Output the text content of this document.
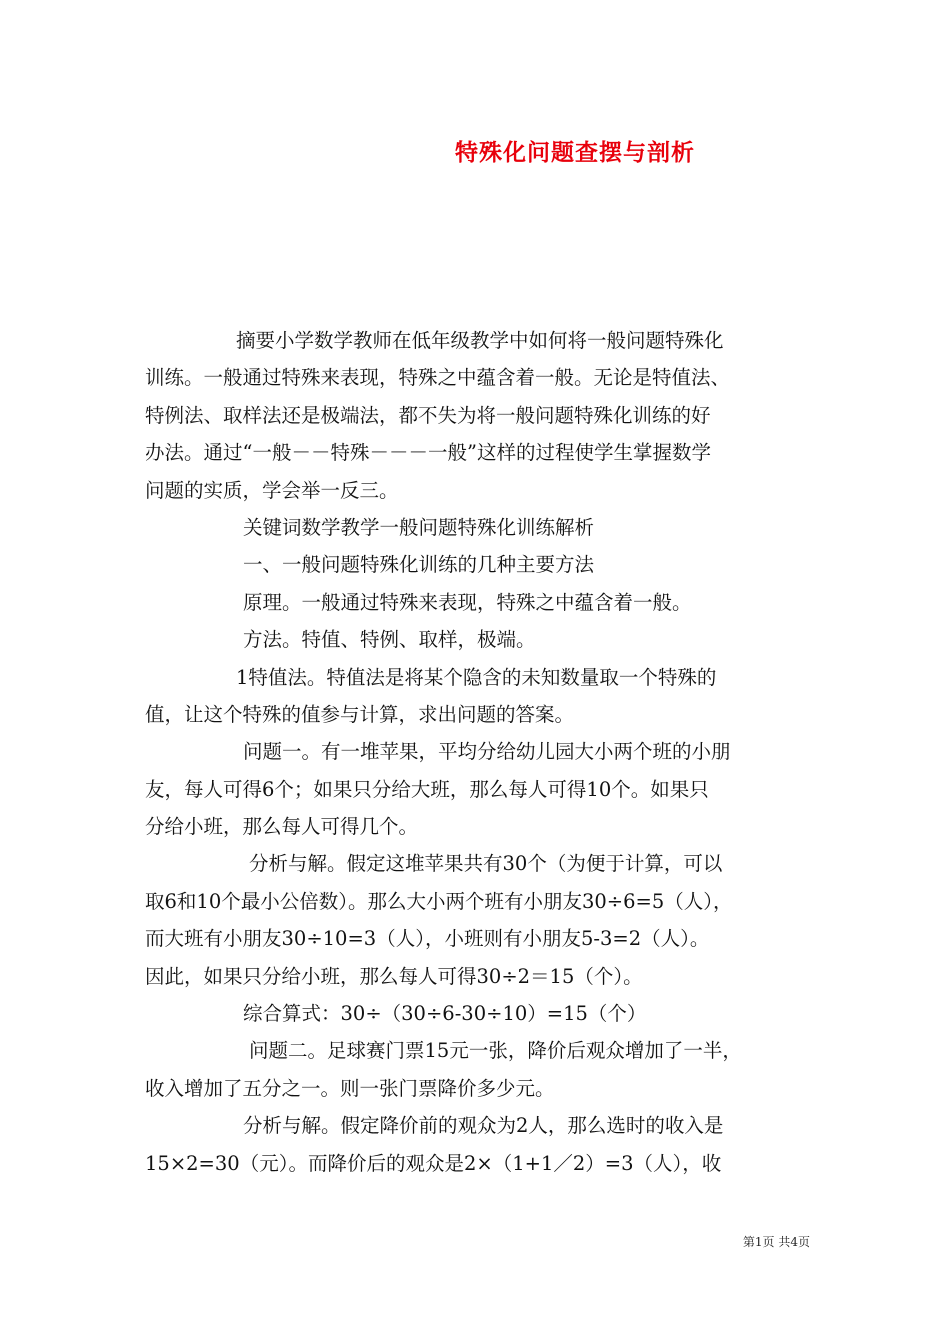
特殊化问题查摆与剖析
摘要小学数学教师在低年级教学中如何将一般问题特殊化
训练。一般通过特殊来表现，特殊之中蕴含着一般。无论是特值法、
特例法、取样法还是极端法，都不失为将一般问题特殊化训练的好
办法。通过“一般－－特殊－－－一般”这样的过程使学生掌握数学
问题的实质，学会举一反三。
关键词数学教学一般问题特殊化训练解析
一、一般问题特殊化训练的几种主要方法
原理。一般通过特殊来表现，特殊之中蕴含着一般。
方法。特值、特例、取样，极端。
1特值法。特值法是将某个隐含的未知数量取一个特殊的
值，让这个特殊的值参与计算，求出问题的答案。
问题一。有一堆苹果，平均分给幼儿园大小两个班的小朋
友，每人可得6个；如果只分给大班，那么每人可得10个。如果只
分给小班，那么每人可得几个。
分析与解。假定这堆苹果共有30个（为便于计算，可以
取6和10个最小公倍数）。那么大小两个班有小朋友30÷6=5（人），
而大班有小朋友30÷10=3（人），小班则有小朋友5-3=2（人）。
因此，如果只分给小班，那么每人可得30÷2＝15（个）。
综合算式：30÷（30÷6-30÷10）=15（个）
问题二。足球赛门票15元一张，降价后观众增加了一半，
收入增加了五分之一。则一张门票降价多少元。
分析与解。假定降价前的观众为2人，那么选时的收入是
15×2=30（元）。而降价后的观众是2×（1+1／2）=3（人），收
第1页 共4页
